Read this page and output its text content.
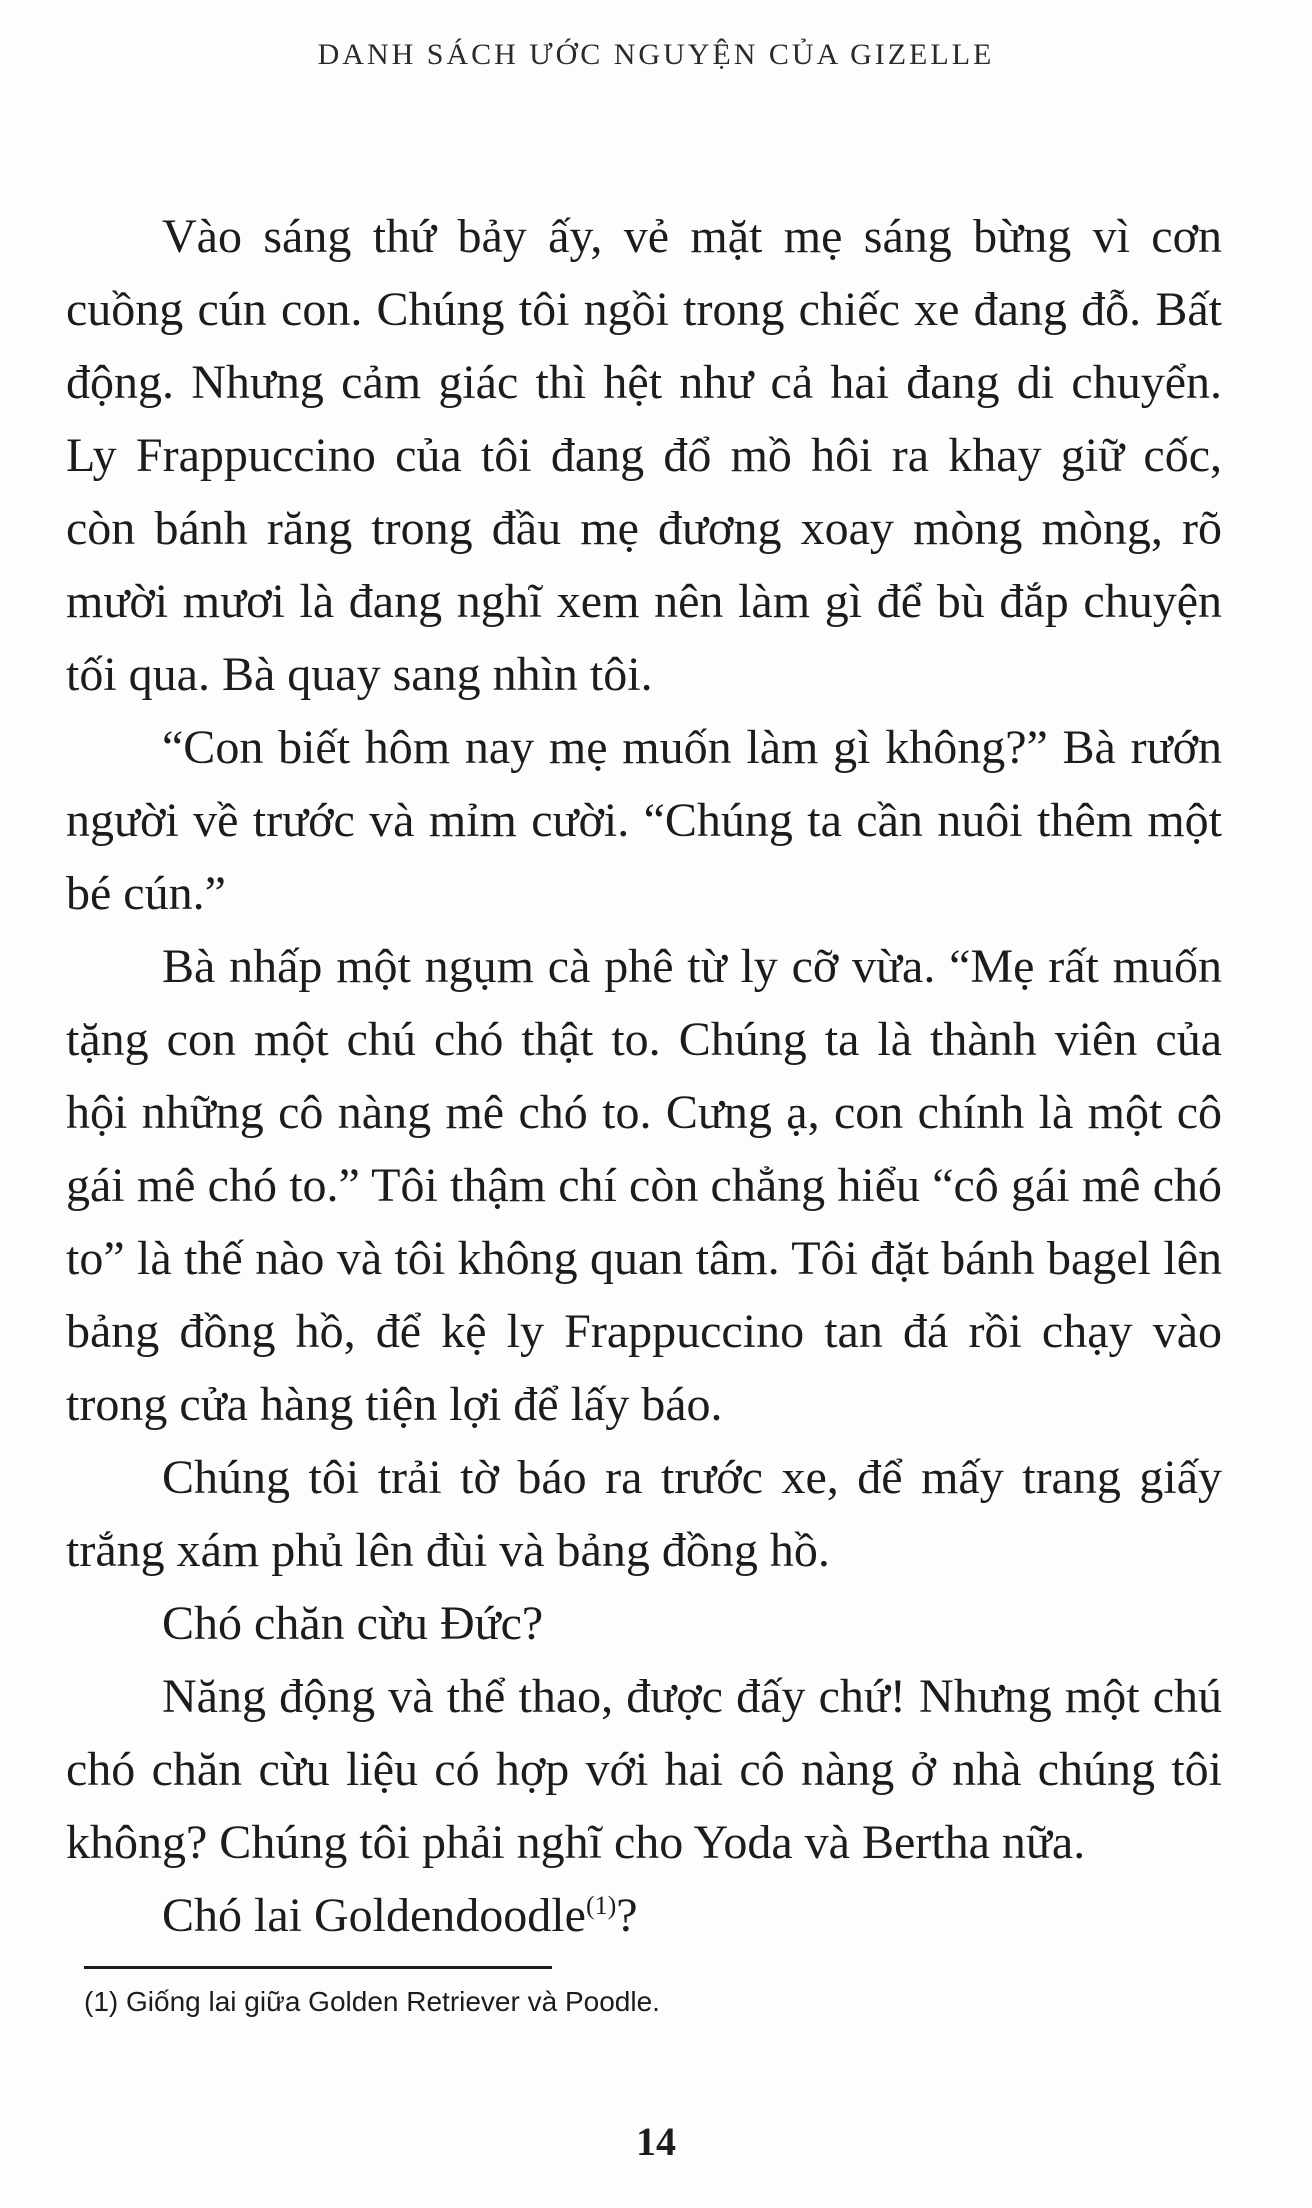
DANH SÁCH ƯỚC NGUYỆN CỦA GIZELLE

Vào sáng thứ bảy ấy, vẻ mặt mẹ sáng bừng vì cơn cuồng cún con. Chúng tôi ngồi trong chiếc xe đang đỗ. Bất động. Nhưng cảm giác thì hệt như cả hai đang di chuyển. Ly Frappuccino của tôi đang đổ mồ hôi ra khay giữ cốc, còn bánh răng trong đầu mẹ đương xoay mòng mòng, rõ mười mươi là đang nghĩ xem nên làm gì để bù đắp chuyện tối qua. Bà quay sang nhìn tôi.

“Con biết hôm nay mẹ muốn làm gì không?” Bà rướn người về trước và mỉm cười. “Chúng ta cần nuôi thêm một bé cún.”

Bà nhấp một ngụm cà phê từ ly cỡ vừa. “Mẹ rất muốn tặng con một chú chó thật to. Chúng ta là thành viên của hội những cô nàng mê chó to. Cưng ạ, con chính là một cô gái mê chó to.” Tôi thậm chí còn chẳng hiểu “cô gái mê chó to” là thế nào và tôi không quan tâm. Tôi đặt bánh bagel lên bảng đồng hồ, để kệ ly Frappuccino tan đá rồi chạy vào trong cửa hàng tiện lợi để lấy báo.

Chúng tôi trải tờ báo ra trước xe, để mấy trang giấy trắng xám phủ lên đùi và bảng đồng hồ.

Chó chăn cừu Đức?

Năng động và thể thao, được đấy chứ! Nhưng một chú chó chăn cừu liệu có hợp với hai cô nàng ở nhà chúng tôi không? Chúng tôi phải nghĩ cho Yoda và Bertha nữa.

Chó lai Goldendoodle$^{(1)}$?

(1) Giống lai giữa Golden Retriever và Poodle.
14
